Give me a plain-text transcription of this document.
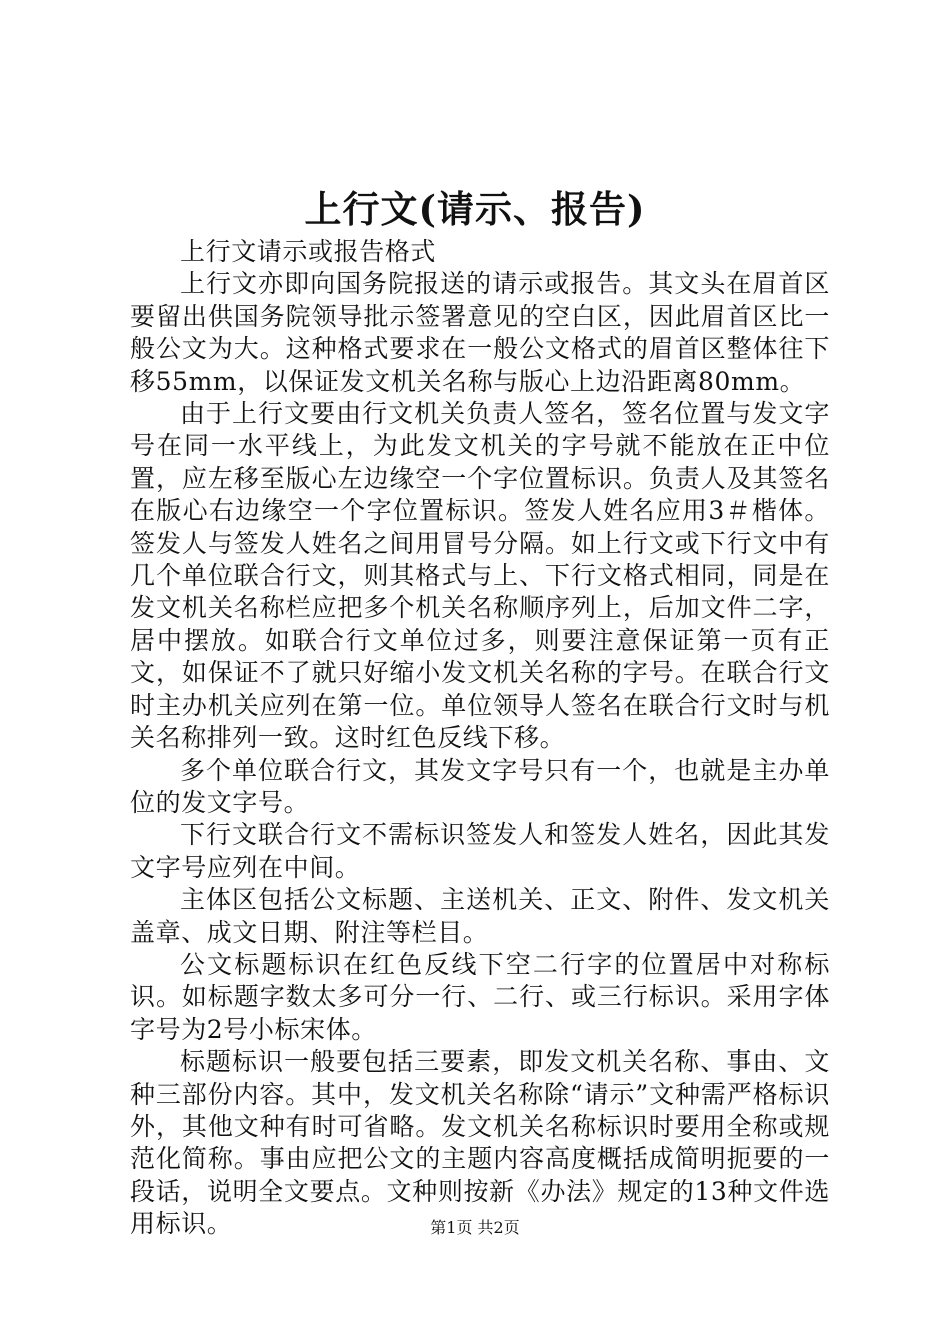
上行文(请示、报告)

上行文请示或报告格式

上行文亦即向国务院报送的请示或报告。其文头在眉首区要留出供国务院领导批示签署意见的空白区，因此眉首区比一般公文为大。这种格式要求在一般公文格式的眉首区整体往下移55mm，以保证发文机关名称与版心上边沿距离80mm。

由于上行文要由行文机关负责人签名，签名位置与发文字号在同一水平线上，为此发文机关的字号就不能放在正中位置，应左移至版心左边缘空一个字位置标识。负责人及其签名在版心右边缘空一个字位置标识。签发人姓名应用3＃楷体。签发人与签发人姓名之间用冒号分隔。如上行文或下行文中有几个单位联合行文，则其格式与上、下行文格式相同，同是在发文机关名称栏应把多个机关名称顺序列上，后加文件二字，居中摆放。如联合行文单位过多，则要注意保证第一页有正文，如保证不了就只好缩小发文机关名称的字号。在联合行文时主办机关应列在第一位。单位领导人签名在联合行文时与机关名称排列一致。这时红色反线下移。

多个单位联合行文，其发文字号只有一个，也就是主办单位的发文字号。

下行文联合行文不需标识签发人和签发人姓名，因此其发文字号应列在中间。

主体区包括公文标题、主送机关、正文、附件、发文机关盖章、成文日期、附注等栏目。

公文标题标识在红色反线下空二行字的位置居中对称标识。如标题字数太多可分一行、二行、或三行标识。采用字体字号为2号小标宋体。

标题标识一般要包括三要素，即发文机关名称、事由、文种三部份内容。其中，发文机关名称除“请示”文种需严格标识外，其他文种有时可省略。发文机关名称标识时要用全称或规范化简称。事由应把公文的主题内容高度概括成简明扼要的一段话，说明全文要点。文种则按新《办法》规定的13种文件选用标识。	第1页 共2页
